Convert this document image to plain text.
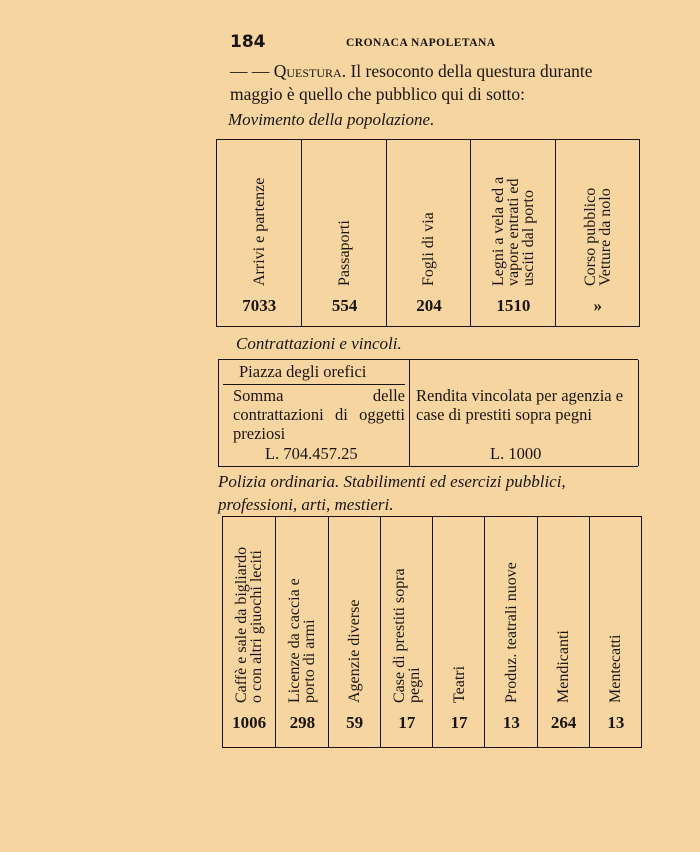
184	CRONACA NAPOLETANA
— — Questura. Il resoconto della questura durante maggio è quello che pubblico qui di sotto:
Movimento della popolazione.
Arrivi e partenze
7033
Passaporti
554
Fogli di via
204
Legni a vela ed a
vapore entrati ed
usciti dal porto
1510
Corso pubblico
Vetture da nolo
»
Contrattazioni e vincoli.
Piazza degli orefici
Somma delle contrattazioni di oggetti preziosi
L. 704.457.25
Rendita vincolata per agenzia e case di prestiti sopra pegni
L. 1000
Polizia ordinaria. Stabilimenti ed esercizi pubblici, professioni, arti, mestieri.
Caffè e sale da bigliardo
o con altri giuochi leciti
1006
Licenze da caccia e
porto di armi
298
Agenzie diverse
59
Case di prestiti sopra
pegni
17
Teatri
17
Produz. teatrali nuove
13
Mendicanti
264
Mentecatti
13
